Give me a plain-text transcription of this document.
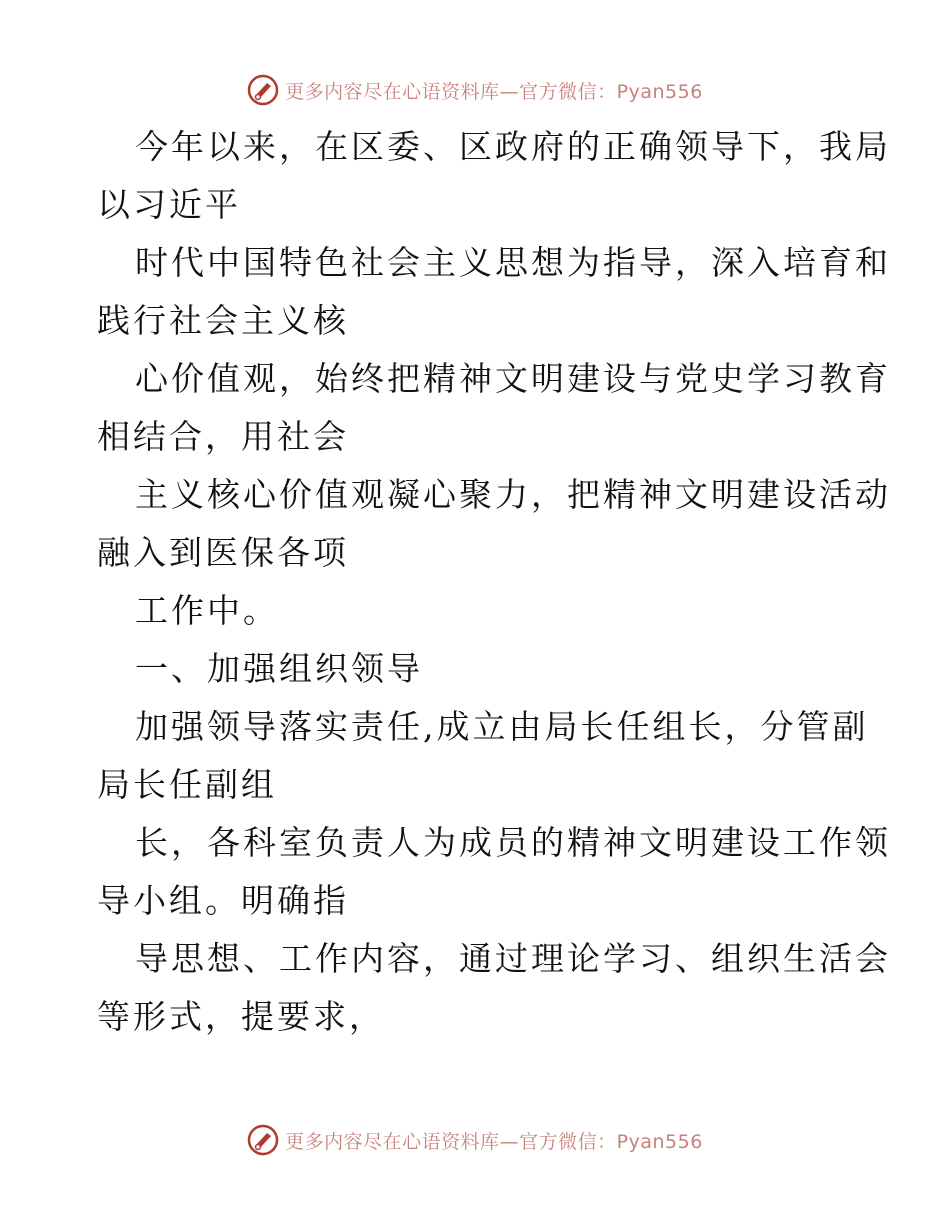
更多内容尽在心语资料库—官方微信：Pyan556
今年以来，在区委、区政府的正确领导下，我局
以习近平
时代中国特色社会主义思想为指导，深入培育和
践行社会主义核
心价值观，始终把精神文明建设与党史学习教育
相结合，用社会
主义核心价值观凝心聚力，把精神文明建设活动
融入到医保各项
工作中。
一、加强组织领导
加强领导落实责任,成立由局长任组长，分管副
局长任副组
长，各科室负责人为成员的精神文明建设工作领
导小组。明确指
导思想、工作内容，通过理论学习、组织生活会
等形式，提要求，
更多内容尽在心语资料库—官方微信：Pyan556
